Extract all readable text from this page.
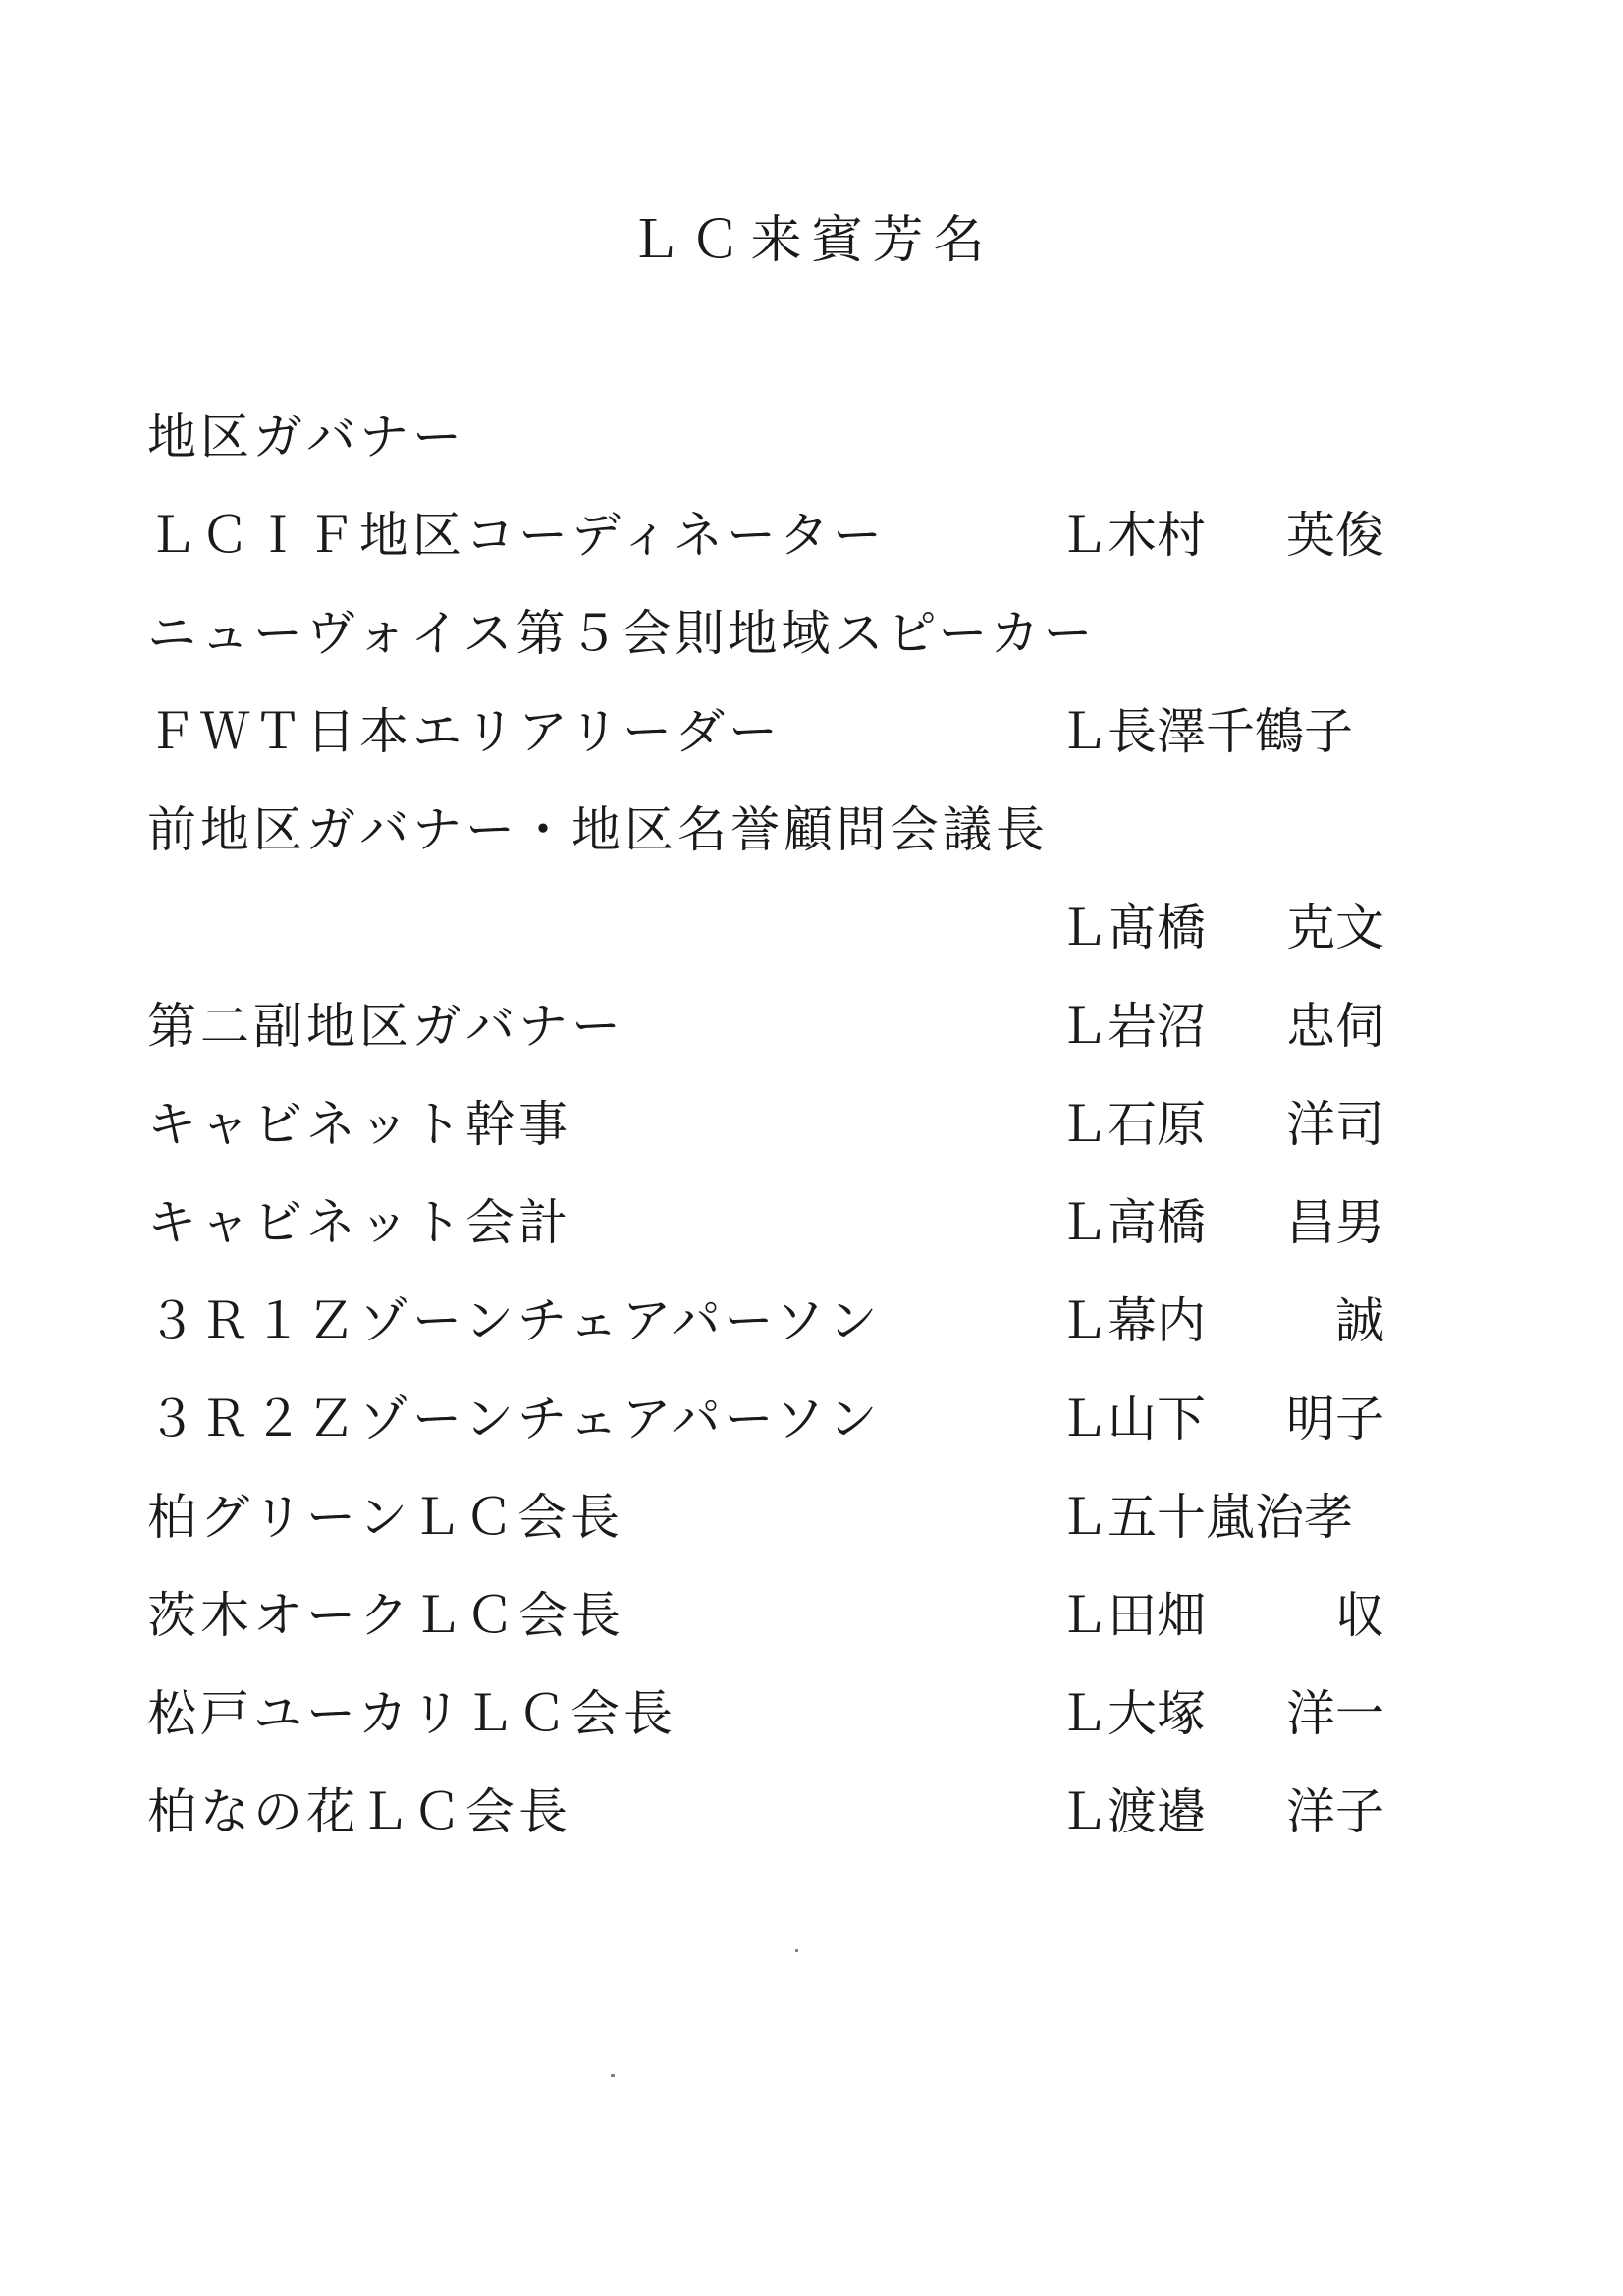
ＬＣ来賓芳名
地区ガバナー
ＬＣＩＦ地区コーディネーター	Ｌ木村 英俊
ニューヴォイス第５会則地域スピーカー
ＦＷＴ日本エリアリーダー	Ｌ長澤千鶴子
前地区ガバナー・地区名誉顧問会議長
Ｌ髙橋 克文
第二副地区ガバナー	Ｌ岩沼 忠伺
キャビネット幹事	Ｌ石原 洋司
キャビネット会計	Ｌ高橋 昌男
３Ｒ１Ｚゾーンチェアパーソン	Ｌ幕内	誠
３Ｒ２Ｚゾーンチェアパーソン	Ｌ山下 明子
柏グリーンＬＣ会長	Ｌ五十嵐治孝
茨木オークＬＣ会長	Ｌ田畑	収
松戸ユーカリＬＣ会長	Ｌ大塚 洋一
柏なの花ＬＣ会長	Ｌ渡邉 洋子
